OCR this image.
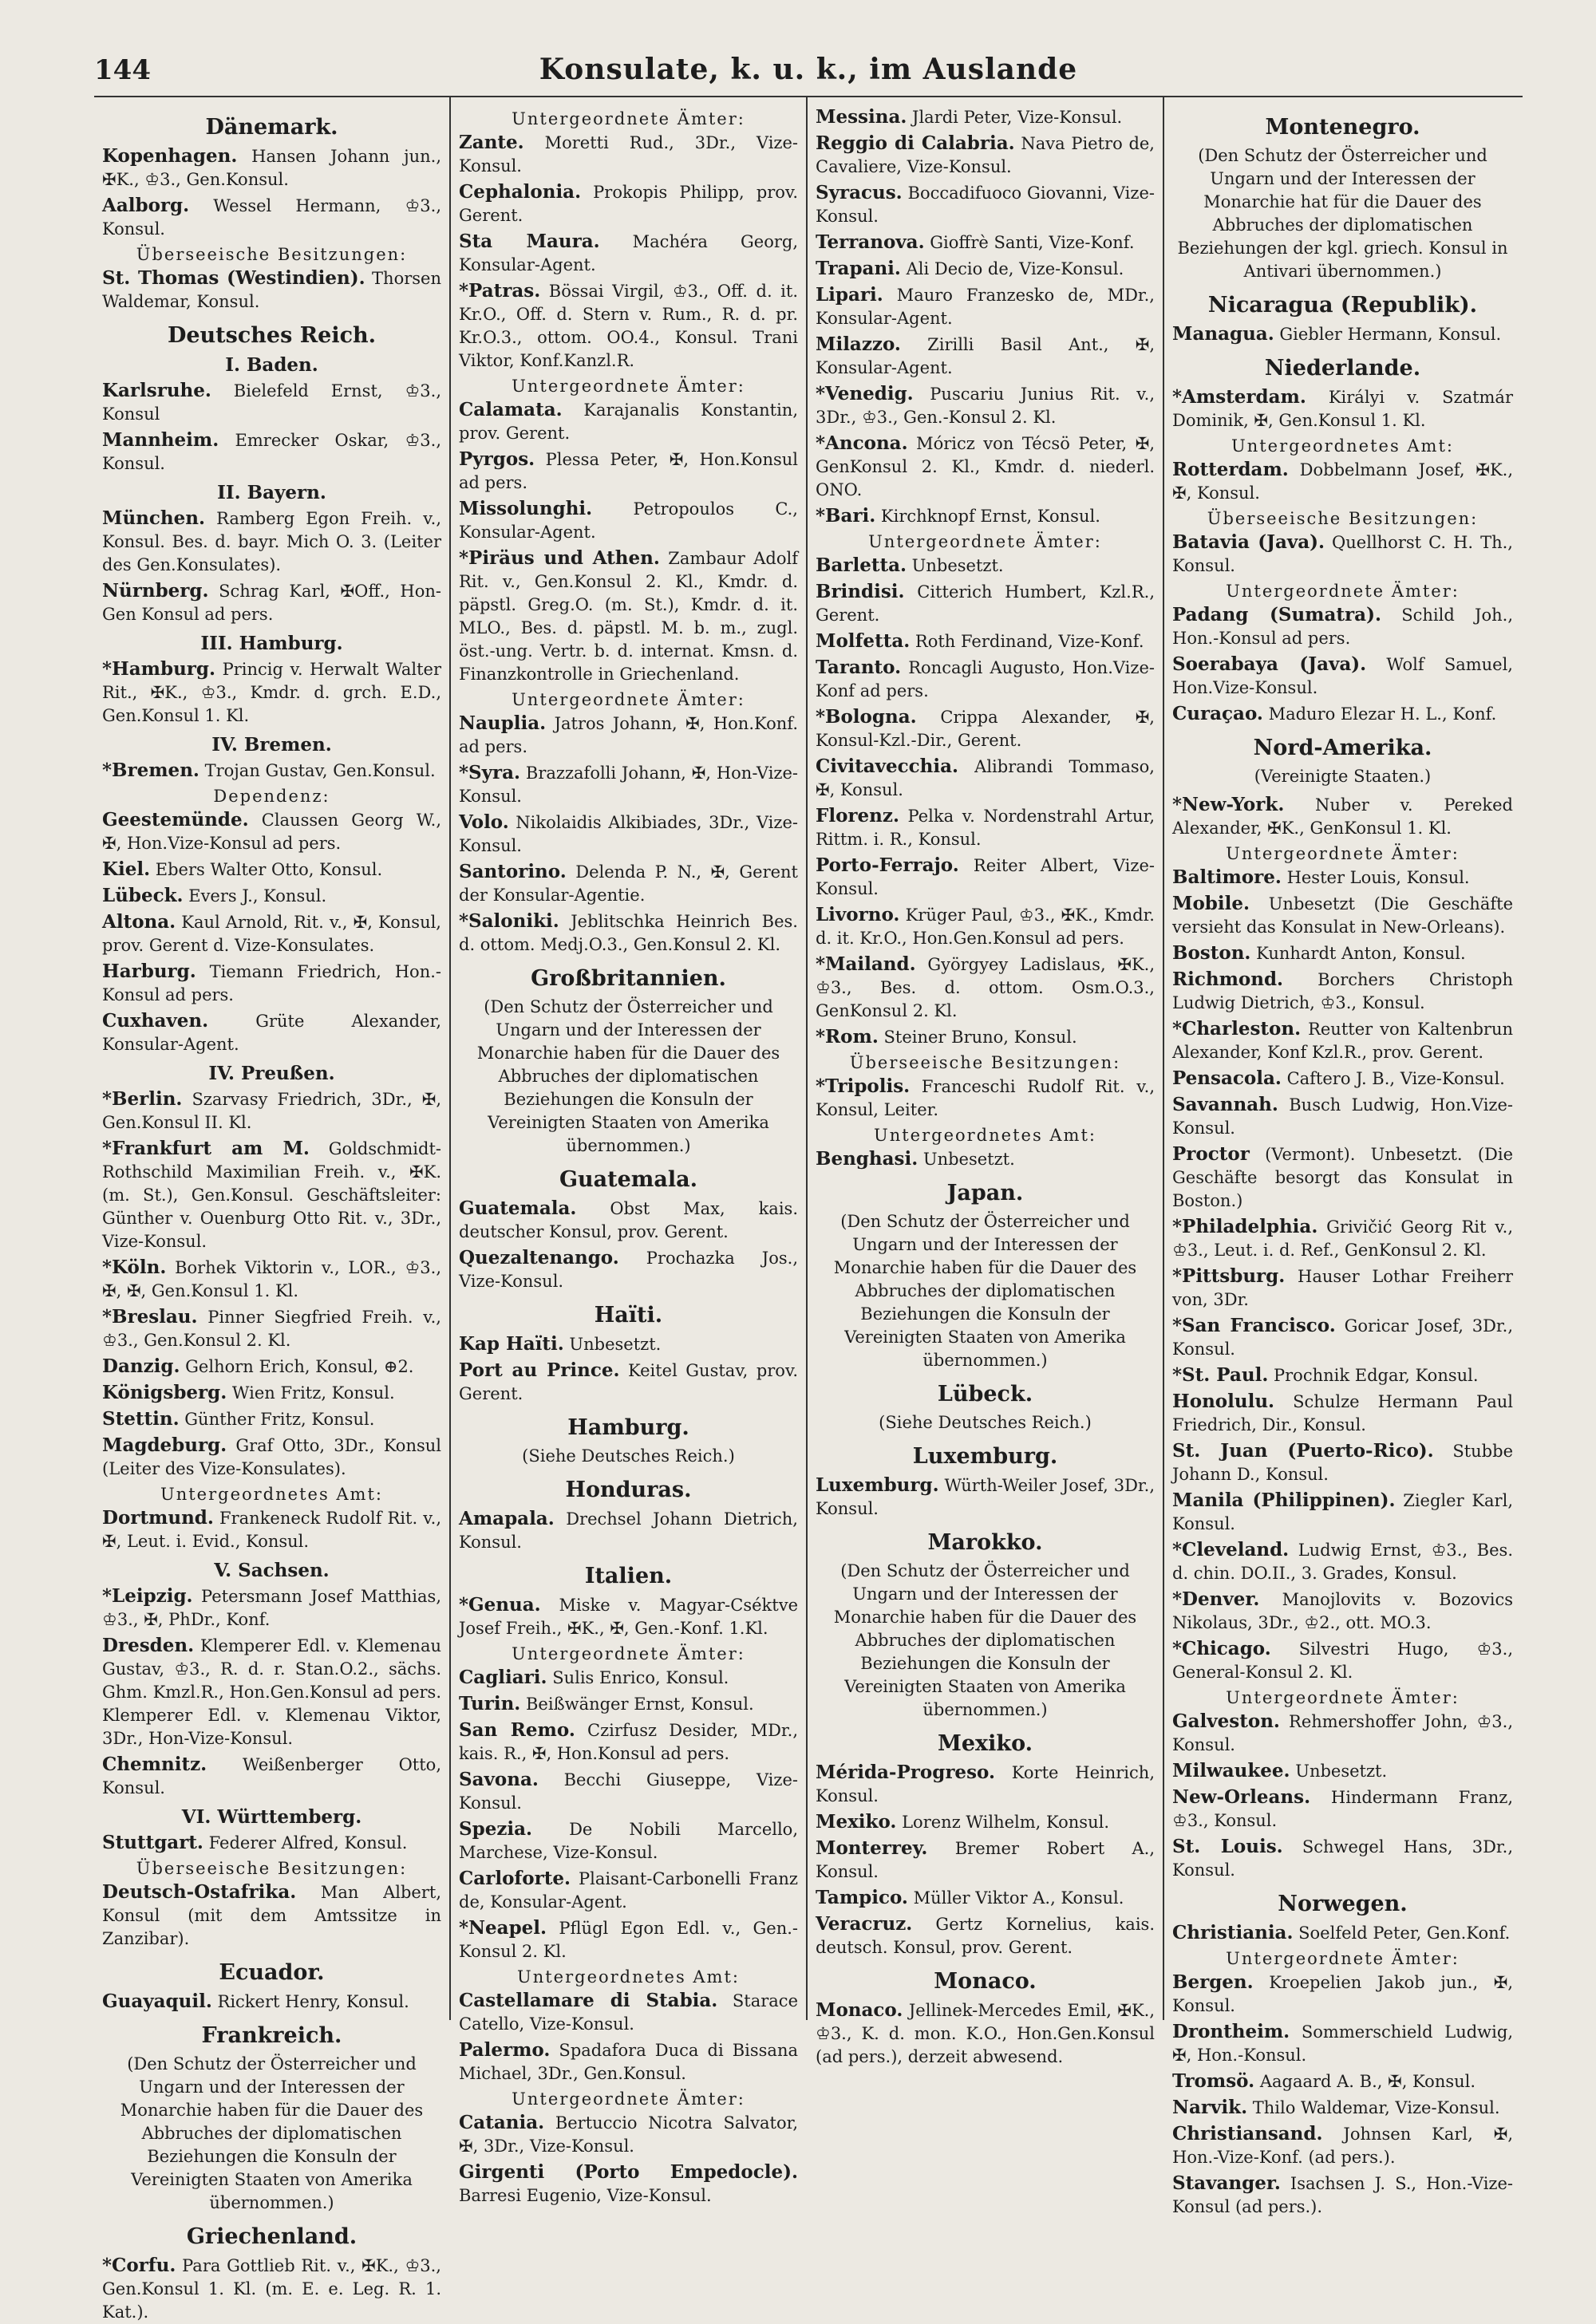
144	Konsulate, k. u. k., im Auslande
Dänemark.
Kopenhagen. Hansen Johann jun., ✠K., ♔3., Gen.Konsul.
Aalborg. Wessel Hermann, ♔3., Konsul.
Überseeische Besitzungen:
St. Thomas (Westindien). Thorsen Waldemar, Konsul.
Deutsches Reich.
I. Baden.
Karlsruhe. Bielefeld Ernst, ♔3., Konsul
Mannheim. Emrecker Oskar, ♔3., Konsul.
II. Bayern.
München. Ramberg Egon Freih. v., Konsul. Bes. d. bayr. Mich O. 3. (Leiter des Gen.Konsulates).
Nürnberg. Schrag Karl, ✠Off., Hon-Gen Konsul ad pers.
III. Hamburg.
*Hamburg. Princig v. Herwalt Walter Rit., ✠K., ♔3., Kmdr. d. grch. E.D., Gen.Konsul 1. Kl.
IV. Bremen.
*Bremen. Trojan Gustav, Gen.Konsul.
Dependenz:
Geestemünde. Claussen Georg W., ✠, Hon.Vize-Konsul ad pers.
Kiel. Ebers Walter Otto, Konsul.
Lübeck. Evers J., Konsul.
Altona. Kaul Arnold, Rit. v., ✠, Konsul, prov. Gerent d. Vize-Konsulates.
Harburg. Tiemann Friedrich, Hon.-Konsul ad pers.
Cuxhaven. Grüte Alexander, Konsular-Agent.
IV. Preußen.
*Berlin. Szarvasy Friedrich, 3Dr., ✠, Gen.Konsul II. Kl.
*Frankfurt am M. Goldschmidt-Rothschild Maximilian Freih. v., ✠K. (m. St.), Gen.Konsul. Geschäftsleiter: Günther v. Ouenburg Otto Rit. v., 3Dr., Vize-Konsul.
*Köln. Borhek Viktorin v., LOR., ♔3., ✠, ✠, Gen.Konsul 1. Kl.
*Breslau. Pinner Siegfried Freih. v., ♔3., Gen.Konsul 2. Kl.
Danzig. Gelhorn Erich, Konsul, ⊕2.
Königsberg. Wien Fritz, Konsul.
Stettin. Günther Fritz, Konsul.
Magdeburg. Graf Otto, 3Dr., Konsul (Leiter des Vize-Konsulates).
Untergeordnetes Amt:
Dortmund. Frankeneck Rudolf Rit. v., ✠, Leut. i. Evid., Konsul.
V. Sachsen.
*Leipzig. Petersmann Josef Matthias, ♔3., ✠, PhDr., Konf.
Dresden. Klemperer Edl. v. Klemenau Gustav, ♔3., R. d. r. Stan.O.2., sächs. Ghm. Kmzl.R., Hon.Gen.Konsul ad pers. Klemperer Edl. v. Klemenau Viktor, 3Dr., Hon-Vize-Konsul.
Chemnitz. Weißenberger Otto, Konsul.
VI. Württemberg.
Stuttgart. Federer Alfred, Konsul.
Überseeische Besitzungen:
Deutsch-Ostafrika. Man Albert, Konsul (mit dem Amtssitze in Zanzibar).
Ecuador.
Guayaquil. Rickert Henry, Konsul.
Frankreich.
(Den Schutz der Österreicher und Ungarn und der Interessen der Monarchie haben für die Dauer des Abbruches der diplomatischen Beziehungen die Konsuln der Vereinigten Staaten von Amerika übernommen.)
Griechenland.
*Corfu. Para Gottlieb Rit. v., ✠K., ♔3., Gen.Konsul 1. Kl. (m. E. e. Leg. R. 1. Kat.).
Untergeordnete Ämter:
Zante. Moretti Rud., 3Dr., Vize-Konsul.
Cephalonia. Prokopis Philipp, prov. Gerent.
Sta Maura. Machéra Georg, Konsular-Agent.
*Patras. Bössai Virgil, ♔3., Off. d. it. Kr.O., Off. d. Stern v. Rum., R. d. pr. Kr.O.3., ottom. OO.4., Konsul. Trani Viktor, Konf.Kanzl.R.
Untergeordnete Ämter:
Calamata. Karajanalis Konstantin, prov. Gerent.
Pyrgos. Plessa Peter, ✠, Hon.Konsul ad pers.
Missolunghi. Petropoulos C., Konsular-Agent.
*Piräus und Athen. Zambaur Adolf Rit. v., Gen.Konsul 2. Kl., Kmdr. d. päpstl. Greg.O. (m. St.), Kmdr. d. it. MLO., Bes. d. päpstl. M. b. m., zugl. öst.-ung. Vertr. b. d. internat. Kmsn. d. Finanzkontrolle in Griechenland.
Untergeordnete Ämter:
Nauplia. Jatros Johann, ✠, Hon.Konf. ad pers.
*Syra. Brazzafolli Johann, ✠, Hon-Vize-Konsul.
Volo. Nikolaidis Alkibiades, 3Dr., Vize-Konsul.
Santorino. Delenda P. N., ✠, Gerent der Konsular-Agentie.
*Saloniki. Jeblitschka Heinrich Bes. d. ottom. Medj.O.3., Gen.Konsul 2. Kl.
Großbritannien.
(Den Schutz der Österreicher und Ungarn und der Interessen der Monarchie haben für die Dauer des Abbruches der diplomatischen Beziehungen die Konsuln der Vereinigten Staaten von Amerika übernommen.)
Guatemala.
Guatemala. Obst Max, kais. deutscher Konsul, prov. Gerent.
Quezaltenango. Prochazka Jos., Vize-Konsul.
Haïti.
Kap Haïti. Unbesetzt.
Port au Prince. Keitel Gustav, prov. Gerent.
Hamburg.
(Siehe Deutsches Reich.)
Honduras.
Amapala. Drechsel Johann Dietrich, Konsul.
Italien.
*Genua. Miske v. Magyar-Cséktve Josef Freih., ✠K., ✠, Gen.-Konf. 1.Kl.
Untergeordnete Ämter:
Cagliari. Sulis Enrico, Konsul.
Turin. Beißwänger Ernst, Konsul.
San Remo. Czirfusz Desider, MDr., kais. R., ✠, Hon.Konsul ad pers.
Savona. Becchi Giuseppe, Vize-Konsul.
Spezia. De Nobili Marcello, Marchese, Vize-Konsul.
Carloforte. Plaisant-Carbonelli Franz de, Konsular-Agent.
*Neapel. Pflügl Egon Edl. v., Gen.-Konsul 2. Kl.
Untergeordnetes Amt:
Castellamare di Stabia. Starace Catello, Vize-Konsul.
Palermo. Spadafora Duca di Bissana Michael, 3Dr., Gen.Konsul.
Untergeordnete Ämter:
Catania. Bertuccio Nicotra Salvator, ✠, 3Dr., Vize-Konsul.
Girgenti (Porto Empedocle). Barresi Eugenio, Vize-Konsul.
Messina. Jlardi Peter, Vize-Konsul.
Reggio di Calabria. Nava Pietro de, Cavaliere, Vize-Konsul.
Syracus. Boccadifuoco Giovanni, Vize-Konsul.
Terranova. Gioffrè Santi, Vize-Konf.
Trapani. Ali Decio de, Vize-Konsul.
Lipari. Mauro Franzesko de, MDr., Konsular-Agent.
Milazzo. Zirilli Basil Ant., ✠, Konsular-Agent.
*Venedig. Puscariu Junius Rit. v., 3Dr., ♔3., Gen.-Konsul 2. Kl.
*Ancona. Móricz von Técsö Peter, ✠, GenKonsul 2. Kl., Kmdr. d. niederl. ONO.
*Bari. Kirchknopf Ernst, Konsul.
Untergeordnete Ämter:
Barletta. Unbesetzt.
Brindisi. Citterich Humbert, Kzl.R., Gerent.
Molfetta. Roth Ferdinand, Vize-Konf.
Taranto. Roncagli Augusto, Hon.Vize-Konf ad pers.
*Bologna. Crippa Alexander, ✠, Konsul-Kzl.-Dir., Gerent.
Civitavecchia. Alibrandi Tommaso, ✠, Konsul.
Florenz. Pelka v. Nordenstrahl Artur, Rittm. i. R., Konsul.
Porto-Ferrajo. Reiter Albert, Vize-Konsul.
Livorno. Krüger Paul, ♔3., ✠K., Kmdr. d. it. Kr.O., Hon.Gen.Konsul ad pers.
*Mailand. Györgyey Ladislaus, ✠K., ♔3., Bes. d. ottom. Osm.O.3., GenKonsul 2. Kl.
*Rom. Steiner Bruno, Konsul.
Überseeische Besitzungen:
*Tripolis. Franceschi Rudolf Rit. v., Konsul, Leiter.
Untergeordnetes Amt:
Benghasi. Unbesetzt.
Japan.
(Den Schutz der Österreicher und Ungarn und der Interessen der Monarchie haben für die Dauer des Abbruches der diplomatischen Beziehungen die Konsuln der Vereinigten Staaten von Amerika übernommen.)
Lübeck.
(Siehe Deutsches Reich.)
Luxemburg.
Luxemburg. Würth-Weiler Josef, 3Dr., Konsul.
Marokko.
(Den Schutz der Österreicher und Ungarn und der Interessen der Monarchie haben für die Dauer des Abbruches der diplomatischen Beziehungen die Konsuln der Vereinigten Staaten von Amerika übernommen.)
Mexiko.
Mérida-Progreso. Korte Heinrich, Konsul.
Mexiko. Lorenz Wilhelm, Konsul.
Monterrey. Bremer Robert A., Konsul.
Tampico. Müller Viktor A., Konsul.
Veracruz. Gertz Kornelius, kais. deutsch. Konsul, prov. Gerent.
Monaco.
Monaco. Jellinek-Mercedes Emil, ✠K., ♔3., K. d. mon. K.O., Hon.Gen.Konsul (ad pers.), derzeit abwesend.
Montenegro.
(Den Schutz der Österreicher und Ungarn und der Interessen der Monarchie hat für die Dauer des Abbruches der diplomatischen Beziehungen der kgl. griech. Konsul in Antivari übernommen.)
Nicaragua (Republik).
Managua. Giebler Hermann, Konsul.
Niederlande.
*Amsterdam. Királyi v. Szatmár Dominik, ✠, Gen.Konsul 1. Kl.
Untergeordnetes Amt:
Rotterdam. Dobbelmann Josef, ✠K., ✠, Konsul.
Überseeische Besitzungen:
Batavia (Java). Quellhorst C. H. Th., Konsul.
Untergeordnete Ämter:
Padang (Sumatra). Schild Joh., Hon.-Konsul ad pers.
Soerabaya (Java). Wolf Samuel, Hon.Vize-Konsul.
Curaçao. Maduro Elezar H. L., Konf.
Nord-Amerika.
(Vereinigte Staaten.)
*New-York. Nuber v. Pereked Alexander, ✠K., GenKonsul 1. Kl.
Untergeordnete Ämter:
Baltimore. Hester Louis, Konsul.
Mobile. Unbesetzt (Die Geschäfte versieht das Konsulat in New-Orleans).
Boston. Kunhardt Anton, Konsul.
Richmond. Borchers Christoph Ludwig Dietrich, ♔3., Konsul.
*Charleston. Reutter von Kaltenbrun Alexander, Konf Kzl.R., prov. Gerent.
Pensacola. Caftero J. B., Vize-Konsul.
Savannah. Busch Ludwig, Hon.Vize-Konsul.
Proctor (Vermont). Unbesetzt. (Die Geschäfte besorgt das Konsulat in Boston.)
*Philadelphia. Grivičić Georg Rit v., ♔3., Leut. i. d. Ref., GenKonsul 2. Kl.
*Pittsburg. Hauser Lothar Freiherr von, 3Dr.
*San Francisco. Goricar Josef, 3Dr., Konsul.
*St. Paul. Prochnik Edgar, Konsul.
Honolulu. Schulze Hermann Paul Friedrich, Dir., Konsul.
St. Juan (Puerto-Rico). Stubbe Johann D., Konsul.
Manila (Philippinen). Ziegler Karl, Konsul.
*Cleveland. Ludwig Ernst, ♔3., Bes. d. chin. DO.II., 3. Grades, Konsul.
*Denver. Manojlovits v. Bozovics Nikolaus, 3Dr., ♔2., ott. MO.3.
*Chicago. Silvestri Hugo, ♔3., General-Konsul 2. Kl.
Untergeordnete Ämter:
Galveston. Rehmershoffer John, ♔3., Konsul.
Milwaukee. Unbesetzt.
New-Orleans. Hindermann Franz, ♔3., Konsul.
St. Louis. Schwegel Hans, 3Dr., Konsul.
Norwegen.
Christiania. Soelfeld Peter, Gen.Konf.
Untergeordnete Ämter:
Bergen. Kroepelien Jakob jun., ✠, Konsul.
Drontheim. Sommerschield Ludwig, ✠, Hon.-Konsul.
Tromsö. Aagaard A. B., ✠, Konsul.
Narvik. Thilo Waldemar, Vize-Konsul.
Christiansand. Johnsen Karl, ✠, Hon.-Vize-Konf. (ad pers.).
Stavanger. Isachsen J. S., Hon.-Vize-Konsul (ad pers.).
